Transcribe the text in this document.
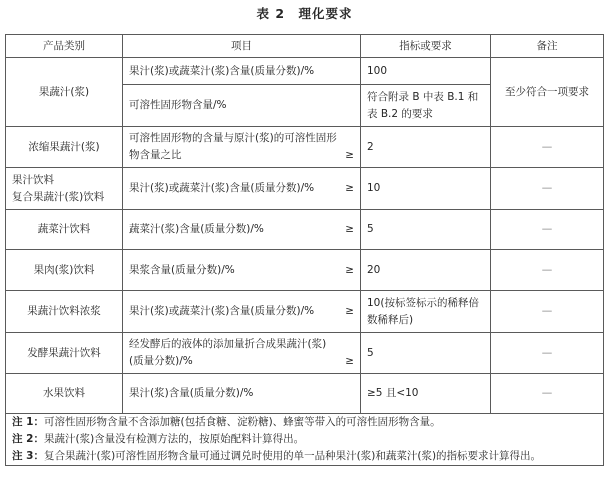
表 2　理化要求
产品类别	项目	指标或要求	备注
果蔬汁(浆)	果汁(浆)或蔬菜汁(浆)含量(质量分数)/%	100	至少符合一项要求

	可溶性固形物含量/%	符合附录 B 中表 B.1 和表 B.2 的要求	
浓缩果蔬汁(浆)	可溶性固形物的含量与原汁(浆)的可溶性固形物含量之比 ≥	2	—
果汁饮料
复合果蔬汁(浆)饮料	果汁(浆)或蔬菜汁(浆)含量(质量分数)/% ≥	10	—
蔬菜汁饮料	蔬菜汁(浆)含量(质量分数)/% ≥	5	—
果肉(浆)饮料	果浆含量(质量分数)/% ≥	20	—
果蔬汁饮料浓浆	果汁(浆)或蔬菜汁(浆)含量(质量分数)/% ≥	10(按标签标示的稀释倍数稀释后)	—
发酵果蔬汁饮料	经发酵后的液体的添加量折合成果蔬汁(浆)(质量分数)/% ≥	5	—
水果饮料	果汁(浆)含量(质量分数)/%	≥5 且<10	—

注 1：可溶性固形物含量不含添加糖(包括食糖、淀粉糖)、蜂蜜等带入的可溶性固形物含量。
注 2：果蔬汁(浆)含量没有检测方法的，按原始配料计算得出。
注 3：复合果蔬汁(浆)可溶性固形物含量可通过调兑时使用的单一品种果汁(浆)和蔬菜汁(浆)的指标要求计算得出。			
